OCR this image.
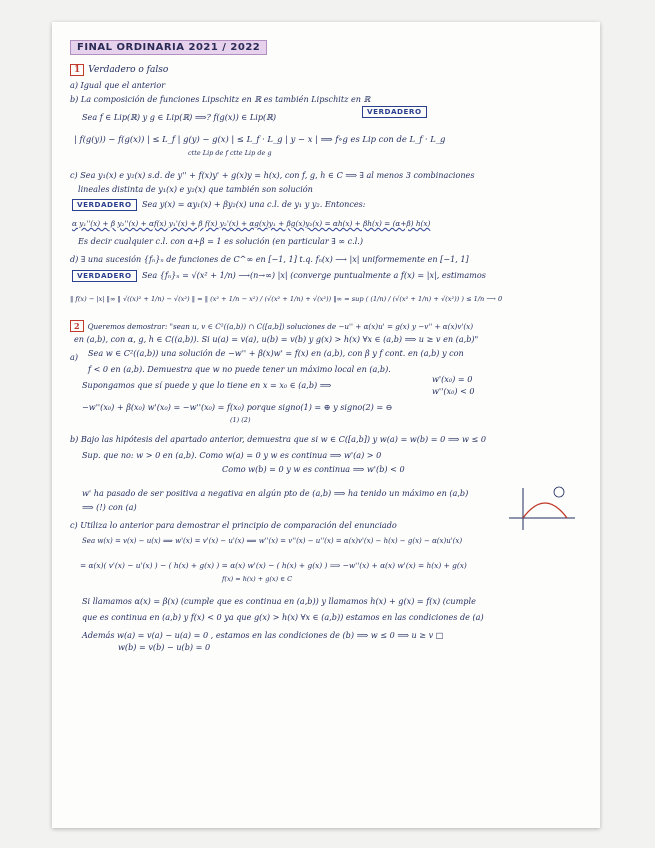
FINAL ORDINARIA 2021 / 2022
1 Verdadero o falso
a) Igual que el anterior
b) La composición de funciones Lipschitz en ℝ es también Lipschitz en ℝ
VERDADERO
Sea f ∈ Lip(ℝ) y g ∈ Lip(ℝ) ⟹? f(g(x)) ∈ Lip(ℝ)
| f(g(y)) − f(g(x)) | ≤ L_f | g(y) − g(x) | ≤ L_f · L_g | y − x | ⟹ f∘g es Lip con de L_f · L_g
ctte Lip de f ctte Lip de g
c) Sea y₁(x) e y₂(x) s.d. de y'' + f(x)y' + g(x)y = h(x), con f, g, h ∈ C ⟹ ∃ al menos 3 combinaciones
lineales distinta de y₁(x) e y₂(x) que también son solución
VERDADERO	Sea y(x) = αy₁(x) + βy₂(x) una c.l. de y₁ y y₂. Entonces:
α y₁''(x) + β y₂''(x) + αf(x) y₁'(x) + β f(x) y₂'(x) + αg(x)y₁ + βg(x)y₂(x) = αh(x) + βh(x) = (α+β) h(x)
Es decir cualquier c.l. con α+β = 1 es solución (en particular ∃ ∞ c.l.)
d) ∃ una sucesión {fₙ}ₙ de funciones de C^∞ en [−1, 1] t.q. fₙ(x) ⟶ |x| uniformemente en [−1, 1]
VERDADERO	Sea {fₙ}ₙ = √(x² + 1/n) ⟶(n→∞) |x| (converge puntualmente a f(x) = |x|, estimamos
‖ f(x) − |x| ‖∞ ‖ √((x)² + 1/n) − √(x²) ‖ = ‖ (x² + 1/n − x²) / (√(x² + 1/n) + √(x²)) ‖∞ = sup ( (1/n) / (√(x² + 1/n) + √(x²)) ) ≤ 1/n ⟶ 0
2 Queremos demostrar: "sean u, v ∈ C²((a,b)) ∩ C([a,b]) soluciones de −u'' + α(x)u' = g(x) y −v'' + α(x)v'(x)
en (a,b), con α, g, h ∈ C((a,b)). Si u(a) = v(a), u(b) = v(b) y g(x) > h(x) ∀x ∈ (a,b) ⟹ u ≥ v en (a,b)"
a) Sea w ∈ C²((a,b)) una solución de −w'' + β(x)w' = f(x) en (a,b), con β y f cont. en (a,b) y con
f < 0 en (a,b). Demuestra que w no puede tener un máximo local en (a,b).
Supongamos que sí puede y que lo tiene en x = x₀ ∈ (a,b) ⟹
w'(x₀) = 0
w''(x₀) < 0
−w''(x₀) + β(x₀) w'(x₀) = −w''(x₀) = f(x₀) porque signo(1) = ⊕ y signo(2) = ⊖
(1) (2)
b) Bajo las hipótesis del apartado anterior, demuestra que si w ∈ C([a,b]) y w(a) = w(b) = 0 ⟹ w ≤ 0
Sup. que no: w > 0 en (a,b). Como w(a) = 0 y w es continua ⟹ w'(a) > 0
Como w(b) = 0 y w es continua ⟹ w'(b) < 0
w' ha pasado de ser positiva a negativa en algún pto de (a,b) ⟹ ha tenido un máximo en (a,b)
⟹ (!) con (a)
c) Utiliza lo anterior para demostrar el principio de comparación del enunciado
Sea w(x) = v(x) − u(x) ⟹ w'(x) = v'(x) − u'(x) ⟹ w''(x) = v''(x) − u''(x) = α(x)v'(x) − h(x) − g(x) − α(x)u'(x)
= α(x)( v'(x) − u'(x) ) − ( h(x) + g(x) ) = α(x) w'(x) − ( h(x) + g(x) ) ⟹ −w''(x) + α(x) w'(x) = h(x) + g(x)
f(x) = h(x) + g(x) ∈ C
Si llamamos α(x) = β(x) (cumple que es continua en (a,b)) y llamamos h(x) + g(x) = f(x) (cumple
que es continua en (a,b) y f(x) < 0 ya que g(x) > h(x) ∀x ∈ (a,b)) estamos en las condiciones de (a)
Además w(a) = v(a) − u(a) = 0 , estamos en las condiciones de (b) ⟹ w ≤ 0 ⟹ u ≥ v □
w(b) = v(b) − u(b) = 0
